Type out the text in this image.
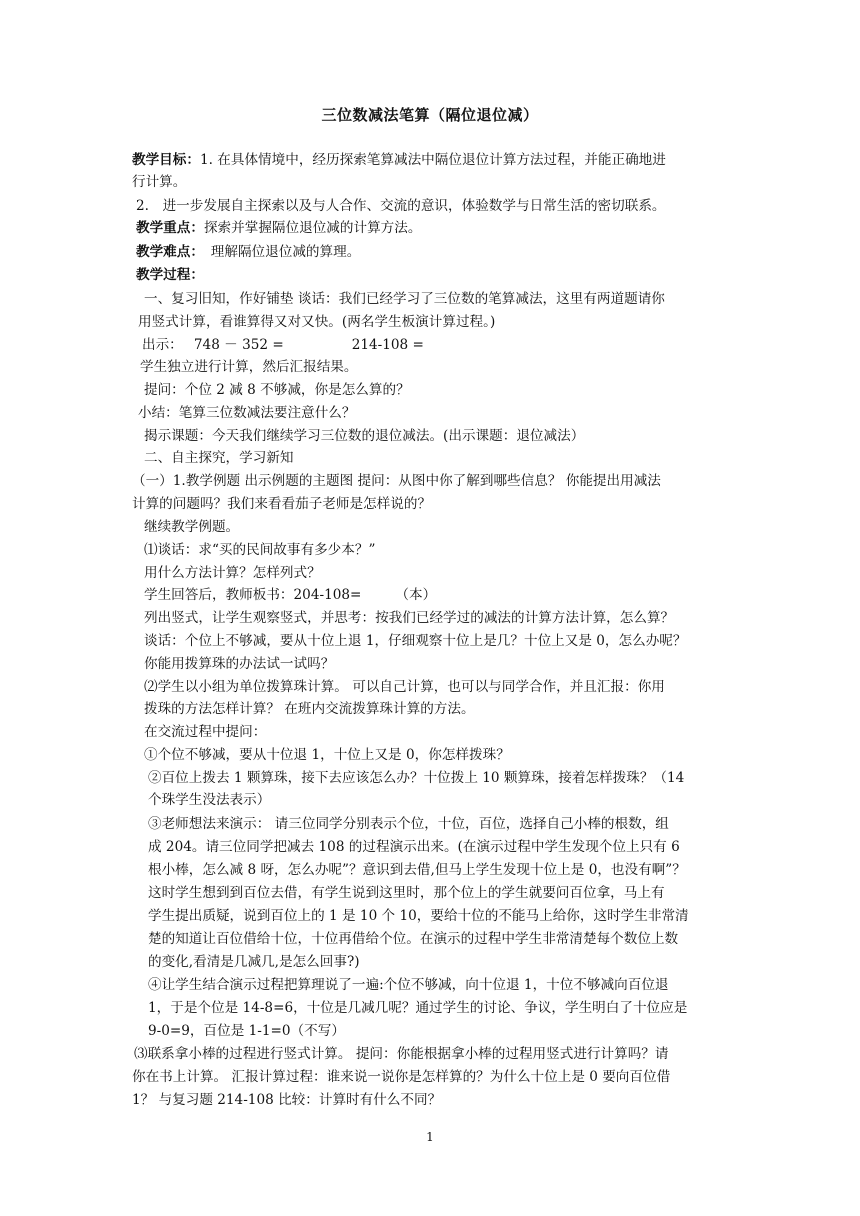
三位数减法笔算（隔位退位减）
教学目标：1. 在具体情境中，经历探索笔算减法中隔位退位计算方法过程，并能正确地进
行计算。
2.　进一步发展自主探索以及与人合作、交流的意识，体验数学与日常生活的密切联系。
教学重点：探索并掌握隔位退位减的计算方法。
教学难点：　理解隔位退位减的算理。
教学过程：
一、复习旧知，作好铺垫 谈话：我们已经学习了三位数的笔算减法，这里有两道题请你
用竖式计算，看谁算得又对又快。(两名学生板演计算过程。)
出示：　 748 － 352 =　　　　　214-108 =
学生独立进行计算，然后汇报结果。
提问：个位 2 减 8 不够减，你是怎么算的？
小结：笔算三位数减法要注意什么？
揭示课题：今天我们继续学习三位数的退位减法。(出示课题：退位减法）
二、自主探究，学习新知
（一）1.教学例题 出示例题的主题图 提问：从图中你了解到哪些信息？ 你能提出用减法
计算的问题吗？我们来看看茄子老师是怎样说的？
继续教学例题。
⑴谈话：求“买的民间故事有多少本？”
用什么方法计算？怎样列式？
学生回答后，教师板书：204-108=　　　（本）
列出竖式，让学生观察竖式，并思考：按我们已经学过的减法的计算方法计算，怎么算？
谈话：个位上不够减，要从十位上退 1，仔细观察十位上是几？十位上又是 0，怎么办呢？
你能用拨算珠的办法试一试吗？
⑵学生以小组为单位拨算珠计算。 可以自己计算，也可以与同学合作，并且汇报：你用
拨珠的方法怎样计算？ 在班内交流拨算珠计算的方法。
在交流过程中提问：
①个位不够减，要从十位退 1，十位上又是 0，你怎样拨珠？
②百位上拨去 1 颗算珠，接下去应该怎么办？十位拨上 10 颗算珠，接着怎样拨珠？（14
个珠学生没法表示）
③老师想法来演示： 请三位同学分别表示个位，十位，百位，选择自己小棒的根数，组
成 204。请三位同学把减去 108 的过程演示出来。(在演示过程中学生发现个位上只有 6
根小棒，怎么减 8 呀，怎么办呢”？意识到去借,但马上学生发现十位上是 0，也没有啊”？
这时学生想到到百位去借，有学生说到这里时，那个位上的学生就要问百位拿，马上有
学生提出质疑，说到百位上的 1 是 10 个 10，要给十位的不能马上给你，这时学生非常清
楚的知道让百位借给十位，十位再借给个位。在演示的过程中学生非常清楚每个数位上数
的变化,看清是几减几,是怎么回事?)
④让学生结合演示过程把算理说了一遍:个位不够减，向十位退 1，十位不够减向百位退
1，于是个位是 14-8=6，十位是几减几呢？通过学生的讨论、争议，学生明白了十位应是
9-0=9，百位是 1-1=0（不写）
⑶联系拿小棒的过程进行竖式计算。 提问：你能根据拿小棒的过程用竖式进行计算吗？请
你在书上计算。 汇报计算过程：谁来说一说你是怎样算的？为什么十位上是 0 要向百位借
1？ 与复习题 214-108 比较：计算时有什么不同？
1
